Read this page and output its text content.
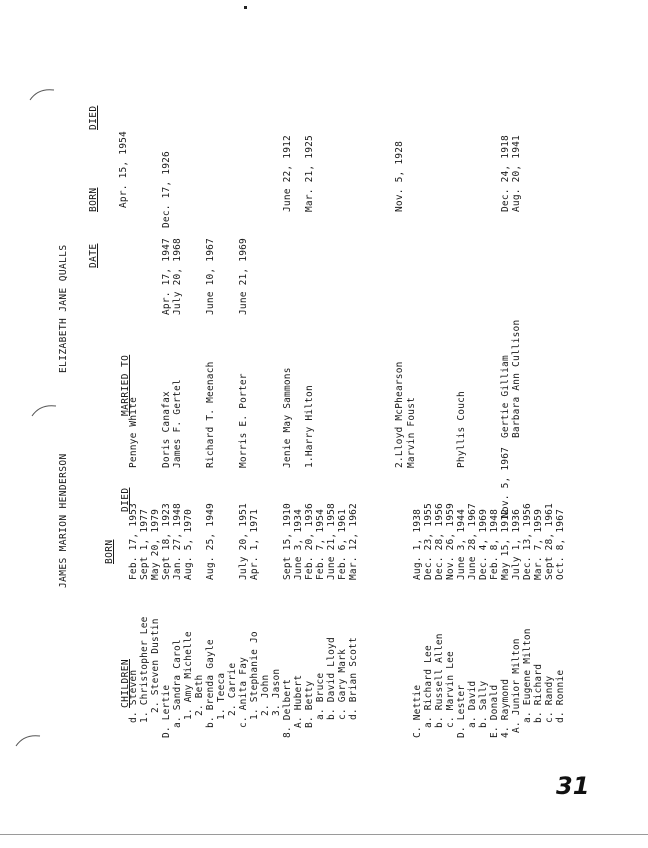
JAMES MARION HENDERSON
ELIZABETH JANE QUALLS
CHILDREN
BORN
DIED
MARRIED TO
DATE
BORN
DIED
d. Steven
Feb. 17, 1953
Pennye White
Apr. 15, 1954
1. Christopher Lee
Sept 1, 1977
2. Steven Dustin
May 20, 1979
D. Lertie
Sept 18, 1923
Doris Canafax
Apr. 17, 1947
Dec. 17, 1926
a. Sandra Carol
Jan. 27, 1948
James F. Gertel
July 20, 1968
1. Amy Michelle
Aug. 5, 1970
2. Beth b. Brenda Gayle
Aug. 25, 1949
Richard T. Meenach
June 10, 1967
1. Teeca 2. Carrie c. Anita Fay
July 20, 1951
Morris E. Porter
June 21, 1969
1. Stephanie Jo
Apr. 1, 1971
2. John 3. Jason 8. Delbert
Sept 15, 1910
Jenie May Sammons
June 22, 1912
A. Hubert
June 3, 1934
B. Betty
Feb. 20, 1936
1.Harry Hilton
Mar. 21, 1925
a. Bruce
Feb. 7, 1954
b. David Lloyd
June 21, 1958
c. Gary Mark
Feb. 6, 1961
d. Brian Scott
Mar. 12, 1962
2.Lloyd McPhearson
Nov. 5, 1928
Marvin Foust
C. Nettie
Aug. 1, 1938
a. Richard Lee
Dec. 23, 1955
b. Russell Allen
Dec. 28, 1956
c. Marvin Lee
Nov. 26, 1959
D. Lester
June 3, 1944
Phyllis Couch
a. David
June 28, 1967
b. Sally
Dec. 4, 1969
E. Donald
Feb. 8, 1948
4. Raymond
May 15, 1912
Nov. 5, 1967
Gertie Gilliam
Dec. 24, 1918
A. Junior Milton
July 1, 1936
Barbara Ann Cullison
Aug. 20, 1941
a. Eugene Milton
Dec. 13, 1956
b. Richard
Mar. 7, 1959
c. Randy
Sept 28, 1961
d. Ronnie
Oct. 8, 1967
31
